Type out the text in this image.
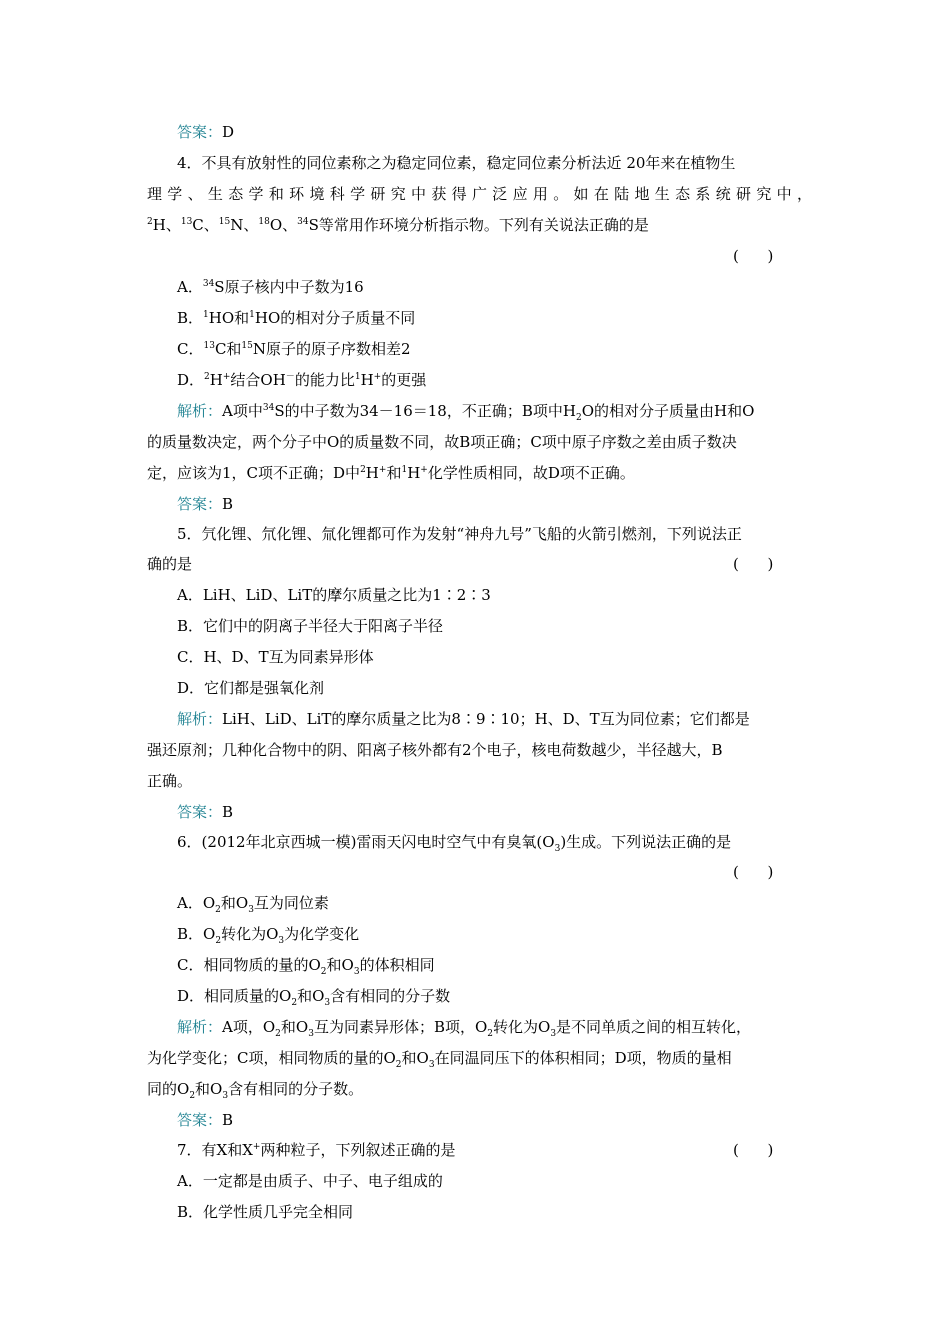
答案：D
4．不具有放射性的同位素称之为稳定同位素，稳定同位素分析法近 20年来在植物生
理学、生态学和环境科学研究中获得广泛应用。如在陆地生态系统研究中，
$^2$H、$^{13}$C、$^{15}$N、$^{18}$O、$^{34}$S等常用作环境分析指示物。下列有关说法正确的是
(      )
A．$^{34}$S原子核内中子数为16
B．$^1$HO和$^1$HO的相对分子质量不同
C．$^{13}$C和$^{15}$N原子的原子序数相差2
D．$^2$H+结合OH－的能力比$^1$H+的更强
解析：A项中$^{34}$S的中子数为34－16＝18，不正确；B项中$H_2O$的相对分子质量由H和O
的质量数决定，两个分子中O的质量数不同，故B项正确；C项中原子序数之差由质子数决
定，应该为1，C项不正确；D中$^2$H+和$^1$H+化学性质相同，故D项不正确。
答案：B
5．氕化锂、氘化锂、氚化锂都可作为发射“神舟九号”飞船的火箭引燃剂，下列说法正
确的是	(      )
A．LiH、LiD、LiT的摩尔质量之比为1∶2∶3
B．它们中的阴离子半径大于阳离子半径
C．H、D、T互为同素异形体
D．它们都是强氧化剂
解析：LiH、LiD、LiT的摩尔质量之比为8∶9∶10；H、D、T互为同位素；它们都是
强还原剂；几种化合物中的阴、阳离子核外都有2个电子，核电荷数越少，半径越大，B
正确。
答案：B
6．(2012年北京西城一模)雷雨天闪电时空气中有臭氧$(O_3)$生成。下列说法正确的是
(      )
A．$O_2$和$O_3$互为同位素
B．$O_2$转化为$O_3$为化学变化
C．相同物质的量的$O_2$和$O_3$的体积相同
D．相同质量的$O_2$和$O_3$含有相同的分子数
解析：A项，$O_2$和$O_3$互为同素异形体；B项，$O_2$转化为$O_3$是不同单质之间的相互转化，
为化学变化；C项，相同物质的量的$O_2$和$O_3$在同温同压下的体积相同；D项，物质的量相
同的$O_2$和$O_3$含有相同的分子数。
答案：B
7．有X和X+两种粒子，下列叙述正确的是	(      )
A．一定都是由质子、中子、电子组成的
B．化学性质几乎完全相同
